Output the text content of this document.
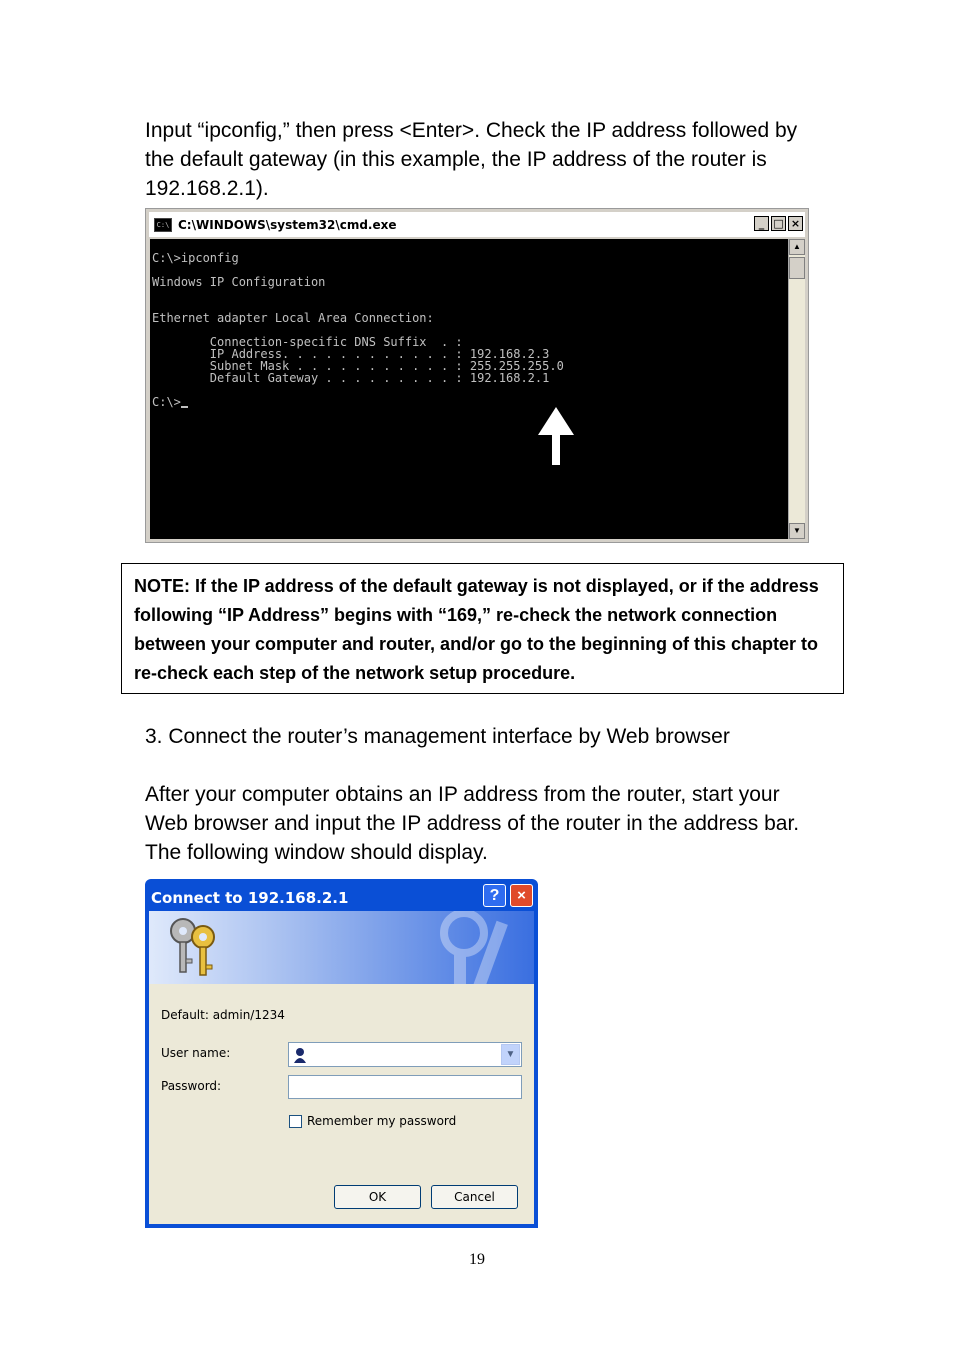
Input “ipconfig,” then press <Enter>. Check the IP address followed by the default gateway (in this example, the IP address of the router is 192.168.2.1).

C:\ C:\WINDOWS\system32\cmd.exe	_ □ ×
C:\>ipconfig
Windows IP Configuration
Ethernet adapter Local Area Connection:
Connection-specific DNS Suffix  . :
IP Address. . . . . . . . . . . . : 192.168.2.3
Subnet Mask . . . . . . . . . . . : 255.255.255.0
Default Gateway . . . . . . . . . : 192.168.2.1
C:\>
▲
▼
NOTE: If the IP address of the default gateway is not displayed, or if the address following “IP Address” begins with “169,” re-check the network connection between your computer and router, and/or go to the beginning of this chapter to re-check each step of the network setup procedure.

3. Connect the router’s management interface by Web browser

After your computer obtains an IP address from the router, start your Web browser and input the IP address of the router in the address bar. The following window should display.

Connect to 192.168.2.1	?	×
Default: admin/1234
User name:	▼
Password:
Remember my password
OK	Cancel
19
